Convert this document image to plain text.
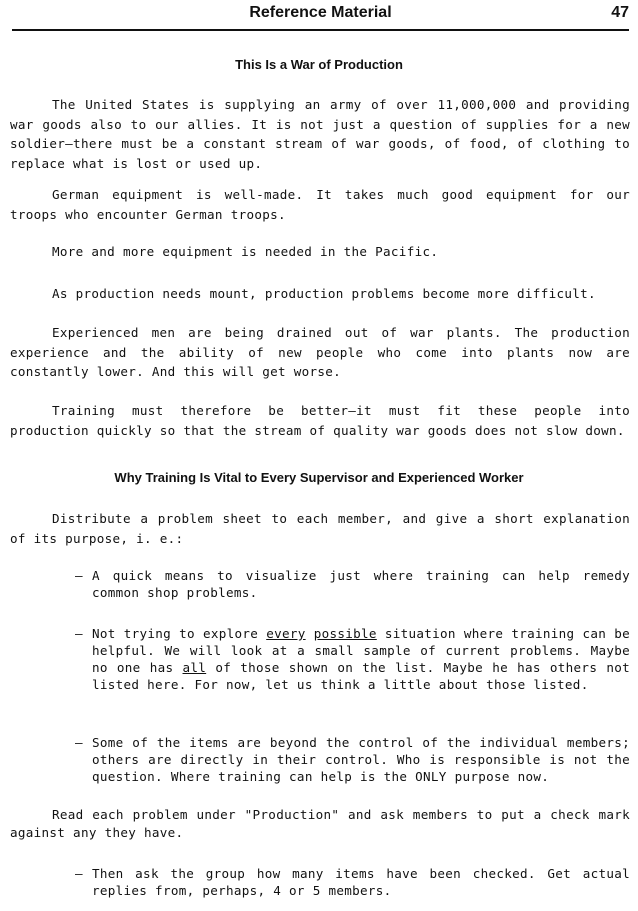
Reference Material	47
This Is a War of Production

The United States is supplying an army of over 11,000,000 and providing war goods also to our allies. It is not just a question of supplies for a new soldier—there must be a constant stream of war goods, of food, of clothing to replace what is lost or used up.

German equipment is well-made. It takes much good equipment for our troops who encounter German troops.

More and more equipment is needed in the Pacific.

As production needs mount, production problems become more difficult.

Experienced men are being drained out of war plants. The production experience and the ability of new people who come into plants now are constantly lower. And this will get worse.

Training must therefore be better—it must fit these people into production quickly so that the stream of quality war goods does not slow down.

Why Training Is Vital to Every Supervisor and Experienced Worker

Distribute a problem sheet to each member, and give a short explanation of its purpose, i. e.:

– A quick means to visualize just where training can help remedy common shop problems.
– Not trying to explore every possible situation where training can be helpful. We will look at a small sample of current problems. Maybe no one has all of those shown on the list. Maybe he has others not listed here. For now, let us think a little about those listed.
– Some of the items are beyond the control of the individual members; others are directly in their control. Who is responsible is not the question. Where training can help is the ONLY purpose now.

Read each problem under "Production" and ask members to put a check mark against any they have.

– Then ask the group how many items have been checked. Get actual replies from, perhaps, 4 or 5 members.
